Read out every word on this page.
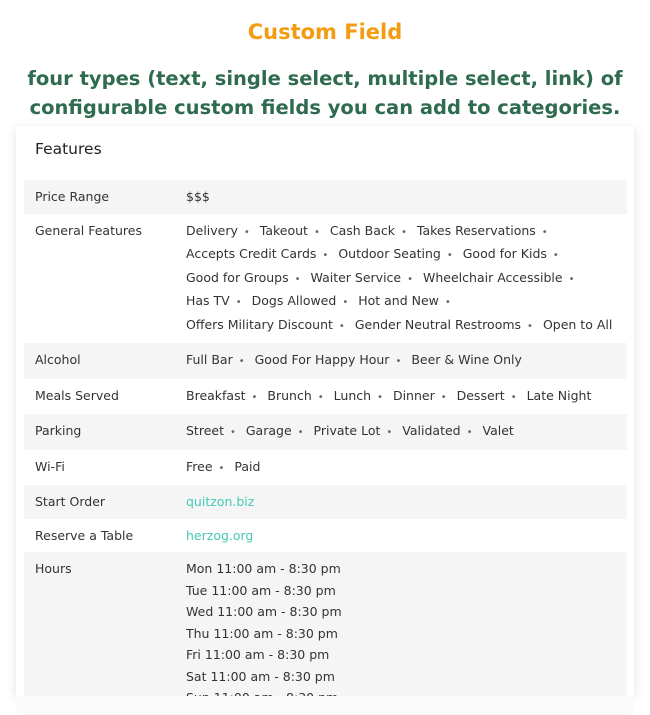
Custom Field
four types (text, single select, multiple select, link) of
configurable custom fields you can add to categories.
Features
Price Range	$$$
General Features	Delivery • Takeout • Cash Back • Takes Reservations • Accepts Credit Cards • Outdoor Seating • Good for Kids • Good for Groups • Waiter Service • Wheelchair Accessible • Has TV • Dogs Allowed • Hot and New • Offers Military Discount • Gender Neutral Restrooms • Open to All
Alcohol	Full Bar • Good For Happy Hour • Beer & Wine Only
Meals Served	Breakfast • Brunch • Lunch • Dinner • Dessert • Late Night
Parking	Street • Garage • Private Lot • Validated • Valet
Wi-Fi	Free • Paid
Start Order	quitzon.biz
Reserve a Table	herzog.org
Hours	Mon 11:00 am - 8:30 pm
Tue 11:00 am - 8:30 pm
Wed 11:00 am - 8:30 pm
Thu 11:00 am - 8:30 pm
Fri 11:00 am - 8:30 pm
Sat 11:00 am - 8:30 pm
